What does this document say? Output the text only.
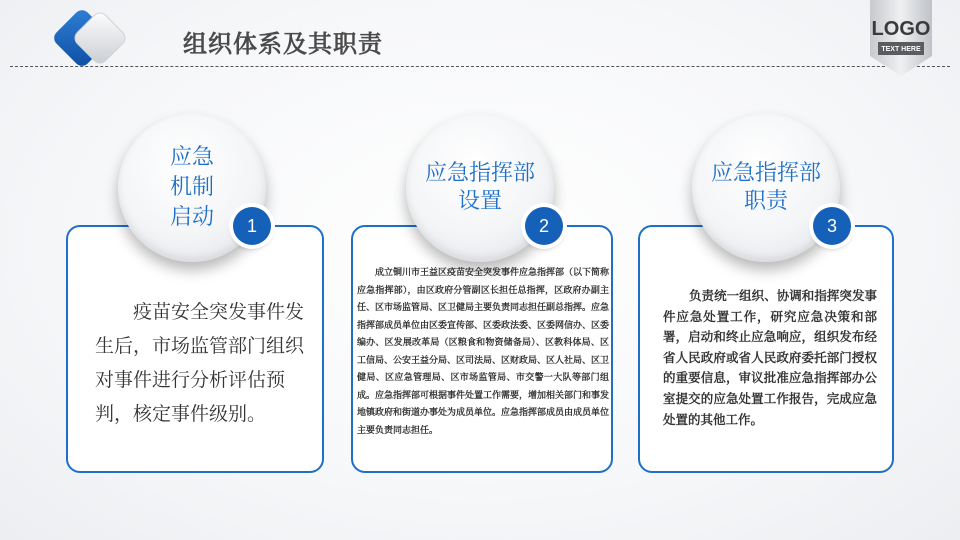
组织体系及其职责
LOGO
TEXT HERE
应急
机制
启动	1
疫苗安全突发事件发生后，市场监管部门组织对事件进行分析评估预判，核定事件级别。
应急指挥部
设置
2
成立铜川市王益区疫苗安全突发事件应急指挥部（以下简称应急指挥部），由区政府分管副区长担任总指挥，区政府办副主任、区市场监管局、区卫健局主要负责同志担任副总指挥。应急指挥部成员单位由区委宣传部、区委政法委、区委网信办、区委编办、区发展改革局（区粮食和物资储备局）、区教科体局、区工信局、公安王益分局、区司法局、区财政局、区人社局、区卫健局、区应急管理局、区市场监管局、市交警一大队等部门组成。应急指挥部可根据事件处置工作需要，增加相关部门和事发地镇政府和街道办事处为成员单位。应急指挥部成员由成员单位主要负责同志担任。
应急指挥部
职责
3
负责统一组织、协调和指挥突发事件应急处置工作，研究应急决策和部署，启动和终止应急响应，组织发布经省人民政府或省人民政府委托部门授权的重要信息，审议批准应急指挥部办公室提交的应急处置工作报告，完成应急处置的其他工作。
